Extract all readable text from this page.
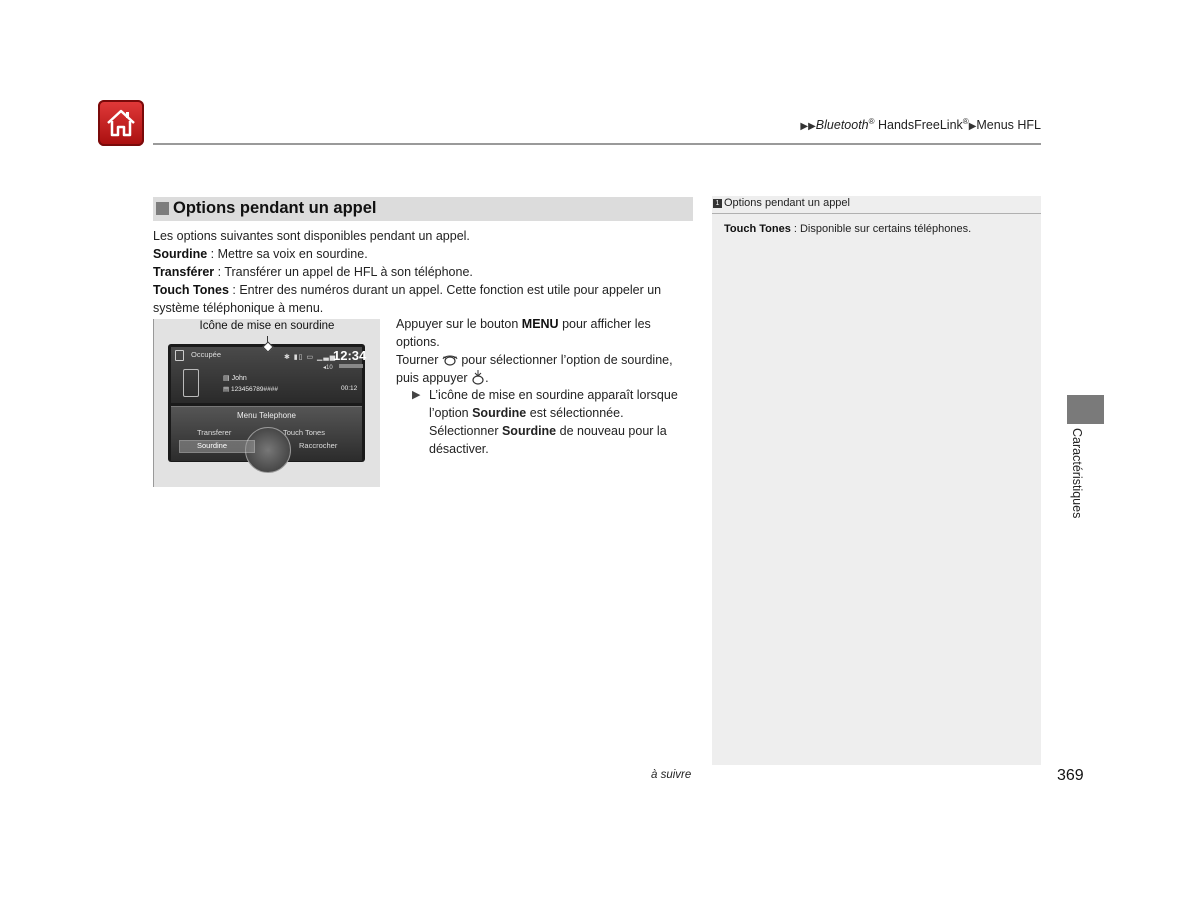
▶▶Bluetooth® HandsFreeLink®▶Menus HFL
Options pendant un appel
Les options suivantes sont disponibles pendant un appel.
Sourdine : Mettre sa voix en sourdine.
Transférer : Transférer un appel de HFL à son téléphone.
Touch Tones : Entrer des numéros durant un appel. Cette fonction est utile pour appeler un système téléphonique à menu.
Icône de mise en sourdine
Occupée	✱ ▮▯ ▭ ▁▃▅
12:34
◂10
▤ John
▤ 123456789####	00:12
Menu Telephone
Transferer	Touch Tones
Sourdine	Raccrocher
Appuyer sur le bouton MENU pour afficher les options.
Tourner  pour sélectionner l’option de sourdine, puis appuyer .
▶ L’icône de mise en sourdine apparaît lorsque l’option Sourdine est sélectionnée. Sélectionner Sourdine de nouveau pour la désactiver.
1 Options pendant un appel
Touch Tones : Disponible sur certains téléphones.
Caractéristiques
à suivre	369
